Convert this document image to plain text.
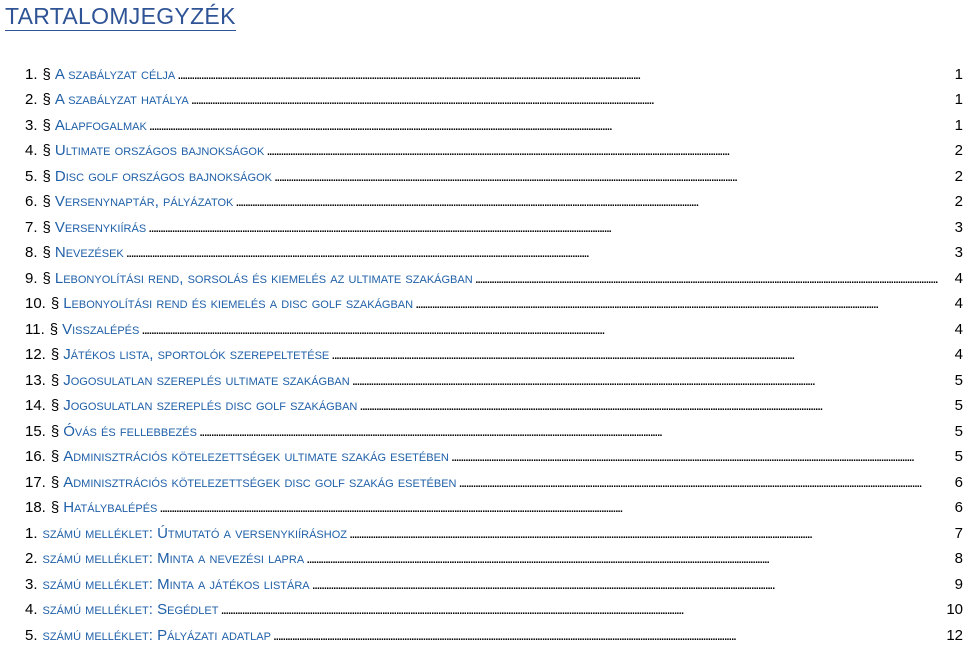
TARTALOMJEGYZÉK
1. § A szabályzat célja . . .	1
2. § A szabályzat hatálya . . .	1
3. § Alapfogalmak . . .	1
4. § Ultimate országos bajnokságok . . .	2
5. § Disc golf országos bajnokságok . . .	2
6. § Versenynaptár, pályázatok . . .	2
7. § Versenykiírás . . .	3
8. § Nevezések . . .	3
9. § Lebonyolítási rend, sorsolás és kiemelés az ultimate szakágban . . .	4
10. § Lebonyolítási rend és kiemelés a disc golf szakágban . . .	4
11. § Visszalépés . . .	4
12. § Játékos lista, sportolók szerepeltetése . . .	4
13. § Jogosulatlan szereplés ultimate szakágban . . .	5
14. § Jogosulatlan szereplés disc golf szakágban . . .	5
15. § Óvás és fellebbezés . . .	5
16. § Adminisztrációs kötelezettségek ultimate szakág esetében . . .	5
17. § Adminisztrációs kötelezettségek disc golf szakág esetében . . .	6
18. § Hatálybalépés . . .	6
1. számú melléklet: Útmutató a versenykiíráshoz . . .	7
2. számú melléklet: Minta a nevezési lapra . . .	8
3. számú melléklet: Minta a játékos listára . . .	9
4. számú melléklet: Segédlet . . .	10
5. számú melléklet: Pályázati adatlap . . .	12
